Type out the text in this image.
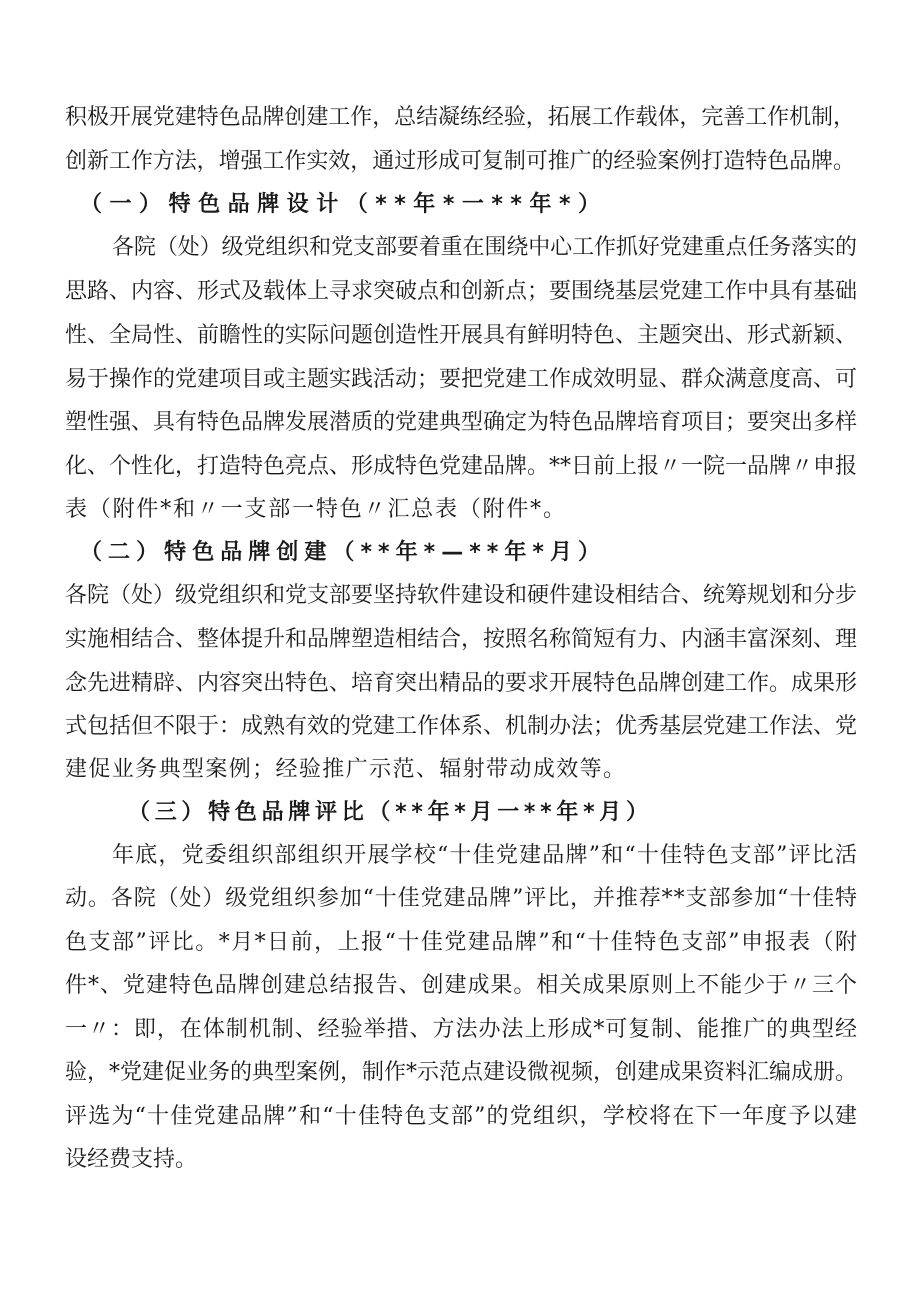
积极开展党建特色品牌创建工作，总结凝练经验，拓展工作载体，完善工作机制，

创新工作方法，增强工作实效，通过形成可复制可推广的经验案例打造特色品牌。

（一）特色品牌设计（**年*一**年*）

各院（处）级党组织和党支部要着重在围绕中心工作抓好党建重点任务落实的

思路、内容、形式及载体上寻求突破点和创新点；要围绕基层党建工作中具有基础

性、全局性、前瞻性的实际问题创造性开展具有鲜明特色、主题突出、形式新颖、

易于操作的党建项目或主题实践活动；要把党建工作成效明显、群众满意度高、可

塑性强、具有特色品牌发展潜质的党建典型确定为特色品牌培育项目；要突出多样

化、个性化，打造特色亮点、形成特色党建品牌。**日前上报〃一院一品牌〃申报

表（附件*和〃一支部一特色〃汇总表（附件*。

（二）特色品牌创建（**年*—**年*月）

各院（处）级党组织和党支部要坚持软件建设和硬件建设相结合、统筹规划和分步

实施相结合、整体提升和品牌塑造相结合，按照名称简短有力、内涵丰富深刻、理

念先进精辟、内容突出特色、培育突出精品的要求开展特色品牌创建工作。成果形

式包括但不限于：成熟有效的党建工作体系、机制办法；优秀基层党建工作法、党

建促业务典型案例；经验推广示范、辐射带动成效等。

（三）特色品牌评比（**年*月一**年*月）

年底，党委组织部组织开展学校“十佳党建品牌”和“十佳特色支部”评比活

动。各院（处）级党组织参加“十佳党建品牌”评比，并推荐**支部参加“十佳特

色支部”评比。*月*日前，上报“十佳党建品牌”和“十佳特色支部”申报表（附

件*、党建特色品牌创建总结报告、创建成果。相关成果原则上不能少于〃三个

一〃：即，在体制机制、经验举措、方法办法上形成*可复制、能推广的典型经

验，*党建促业务的典型案例，制作*示范点建设微视频，创建成果资料汇编成册。

评选为“十佳党建品牌”和“十佳特色支部”的党组织，学校将在下一年度予以建

设经费支持。
